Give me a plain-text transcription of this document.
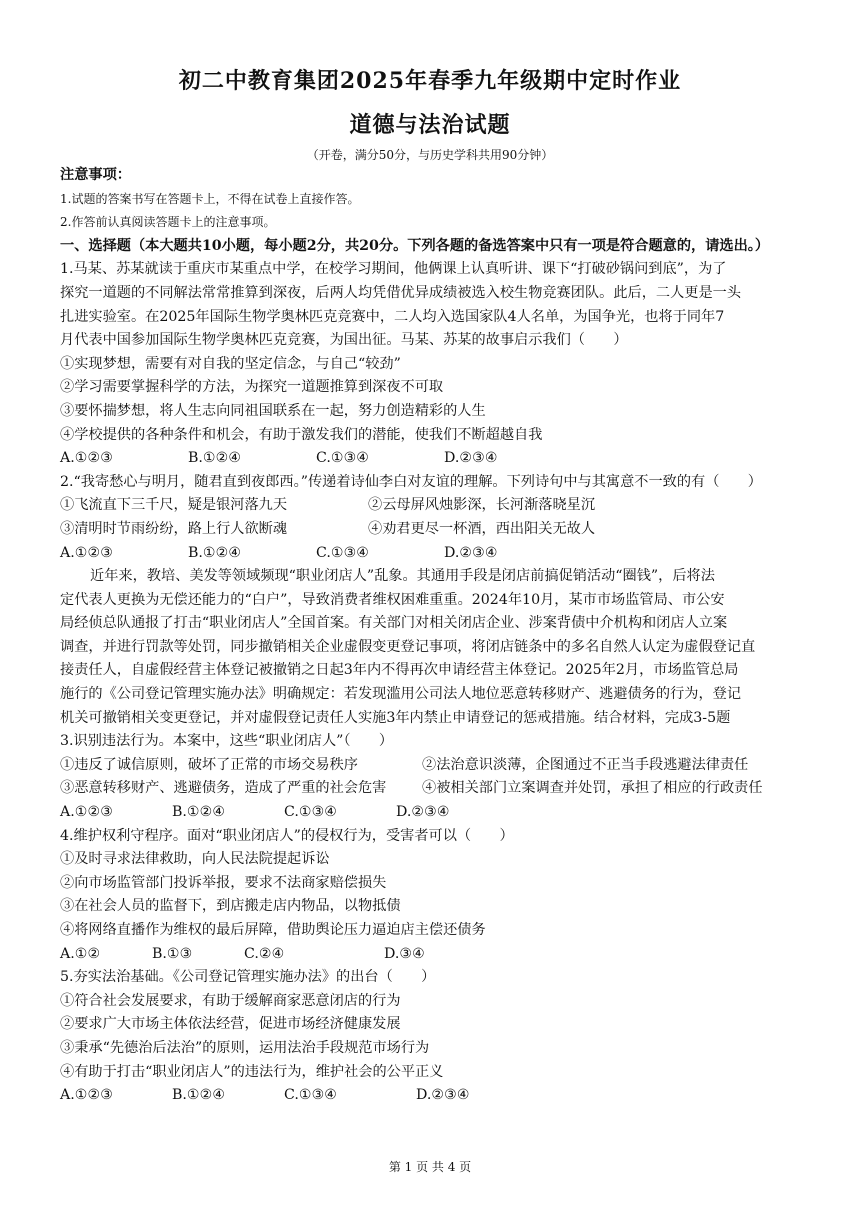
初二中教育集团2025年春季九年级期中定时作业
道德与法治试题
（开卷，满分50分，与历史学科共用90分钟）
注意事项：
1.试题的答案书写在答题卡上，不得在试卷上直接作答。
2.作答前认真阅读答题卡上的注意事项。
一、选择题（本大题共10小题，每小题2分，共20分。下列各题的备选答案中只有一项是符合题意的，请选出。）
1.马某、苏某就读于重庆市某重点中学，在校学习期间，他俩课上认真听讲、课下“打破砂锅问到底”，为了
探究一道题的不同解法常常推算到深夜，后两人均凭借优异成绩被选入校生物竞赛团队。此后，二人更是一头
扎进实验室。在2025年国际生物学奥林匹克竞赛中，二人均入选国家队4人名单，为国争光，也将于同年7
月代表中国参加国际生物学奥林匹克竞赛，为国出征。马某、苏某的故事启示我们（　　）
①实现梦想，需要有对自我的坚定信念，与自己“较劲”
②学习需要掌握科学的方法，为探究一道题推算到深夜不可取
③要怀揣梦想，将人生志向同祖国联系在一起，努力创造精彩的人生
④学校提供的各种条件和机会，有助于激发我们的潜能，使我们不断超越自我
A.①②③	B.①②④	C.①③④	D.②③④
2.“我寄愁心与明月，随君直到夜郎西。”传递着诗仙李白对友谊的理解。下列诗句中与其寓意不一致的有（　　）
①飞流直下三千尺，疑是银河落九天	②云母屏风烛影深，长河渐落晓星沉
③清明时节雨纷纷，路上行人欲断魂	④劝君更尽一杯酒，西出阳关无故人
A.①②③	B.①②④	C.①③④	D.②③④
近年来，教培、美发等领域频现“职业闭店人”乱象。其通用手段是闭店前搞促销活动“圈钱”，后将法
定代表人更换为无偿还能力的“白户”，导致消费者维权困难重重。2024年10月，某市市场监管局、市公安
局经侦总队通报了打击“职业闭店人”全国首案。有关部门对相关闭店企业、涉案背债中介机构和闭店人立案
调查，并进行罚款等处罚，同步撤销相关企业虚假变更登记事项，将闭店链条中的多名自然人认定为虚假登记直
接责任人，自虚假经营主体登记被撤销之日起3年内不得再次申请经营主体登记。2025年2月，市场监管总局
施行的《公司登记管理实施办法》明确规定：若发现滥用公司法人地位恶意转移财产、逃避债务的行为，登记
机关可撤销相关变更登记，并对虚假登记责任人实施3年内禁止申请登记的惩戒措施。结合材料，完成3-5题
3.识别违法行为。本案中，这些“职业闭店人”（　　）
①违反了诚信原则，破坏了正常的市场交易秩序	②法治意识淡薄，企图通过不正当手段逃避法律责任
③恶意转移财产、逃避债务，造成了严重的社会危害	④被相关部门立案调查并处罚，承担了相应的行政责任
A.①②③	B.①②④	C.①③④	D.②③④
4.维护权利守程序。面对“职业闭店人”的侵权行为，受害者可以（　　）
①及时寻求法律救助，向人民法院提起诉讼
②向市场监管部门投诉举报，要求不法商家赔偿损失
③在社会人员的监督下，到店搬走店内物品，以物抵债
④将网络直播作为维权的最后屏障，借助舆论压力逼迫店主偿还债务
A.①②	B.①③	C.②④	D.③④
5.夯实法治基础。《公司登记管理实施办法》的出台（　　）
①符合社会发展要求，有助于缓解商家恶意闭店的行为
②要求广大市场主体依法经营，促进市场经济健康发展
③秉承“先德治后法治”的原则，运用法治手段规范市场行为
④有助于打击“职业闭店人”的违法行为，维护社会的公平正义
A.①②③	B.①②④	C.①③④	D.②③④
第 1 页 共 4 页
